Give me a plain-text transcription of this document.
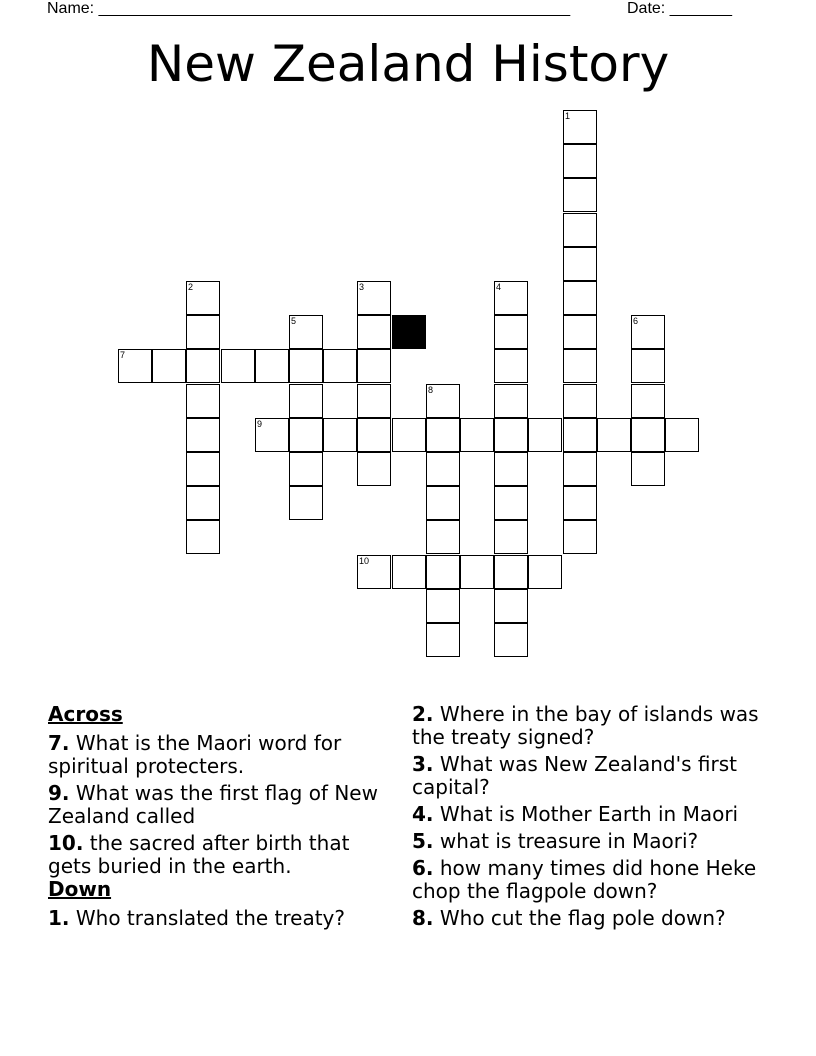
Name: _____________________________________________________	Date: _______
New Zealand History
1
2	3	4
5	6
7
8
9
10
Across
7. What is the Maori word for spiritual protecters.
9. What was the first flag of New Zealand called
10. the sacred after birth that gets buried in the earth.
Down
1. Who translated the treaty?
2. Where in the bay of islands was the treaty signed?
3. What was New Zealand's first capital?
4. What is Mother Earth in Maori
5. what is treasure in Maori?
6. how many times did hone Heke chop the flagpole down?
8. Who cut the flag pole down?
